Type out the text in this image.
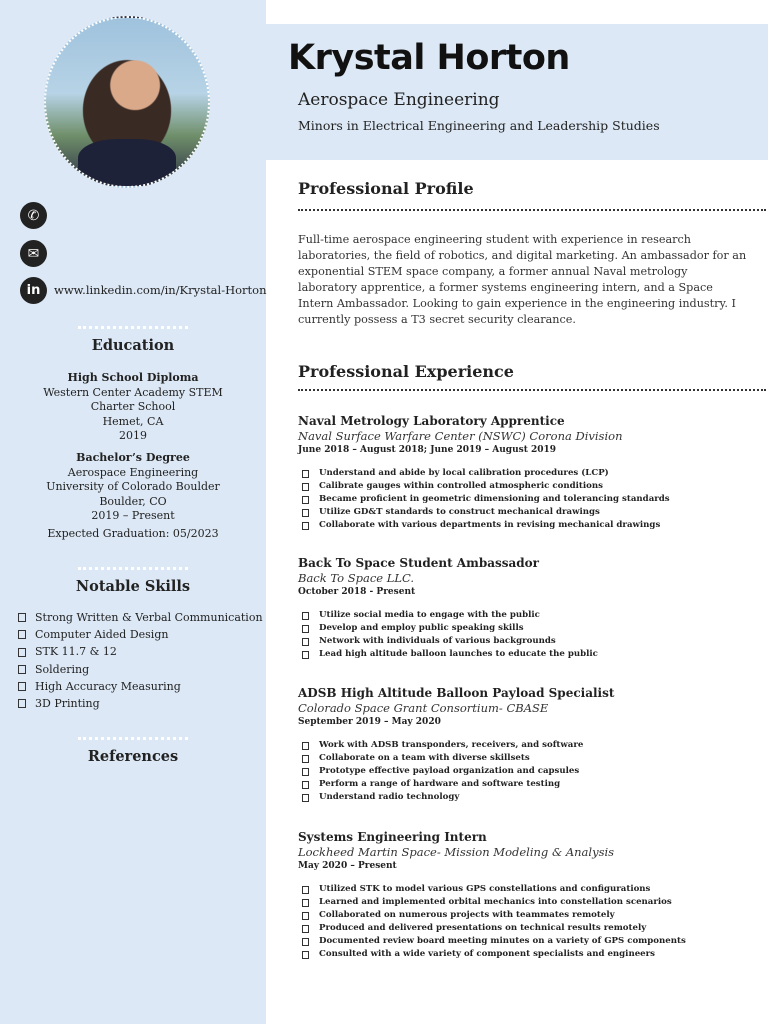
✆
✉
in	www.linkedin.com/in/Krystal-Horton
Education
High School Diploma
Western Center Academy STEM
Charter School
Hemet, CA
2019
Bachelor’s Degree
Aerospace Engineering
University of Colorado Boulder
Boulder, CO
2019 – Present
Expected Graduation: 05/2023
Notable Skills
Strong Written & Verbal Communication
Computer Aided Design
STK 11.7 & 12
Soldering
High Accuracy Measuring
3D Printing
References
Krystal Horton
Aerospace Engineering
Minors in Electrical Engineering and Leadership Studies
Professional Profile
Full-time aerospace engineering student with experience in research laboratories, the field of robotics, and digital marketing. An ambassador for an exponential STEM space company, a former annual Naval metrology laboratory apprentice, a former systems engineering intern, and a Space Intern Ambassador. Looking to gain experience in the engineering industry. I currently possess a T3 secret security clearance.
Professional Experience
Naval Metrology Laboratory Apprentice
Naval Surface Warfare Center (NSWC) Corona Division
June 2018 – August 2018; June 2019 – August 2019
Understand and abide by local calibration procedures (LCP)
Calibrate gauges within controlled atmospheric conditions
Became proficient in geometric dimensioning and tolerancing standards
Utilize GD&T standards to construct mechanical drawings
Collaborate with various departments in revising mechanical drawings
Back To Space Student Ambassador
Back To Space LLC.
October 2018 - Present
Utilize social media to engage with the public
Develop and employ public speaking skills
Network with individuals of various backgrounds
Lead high altitude balloon launches to educate the public
ADSB High Altitude Balloon Payload Specialist
Colorado Space Grant Consortium- CBASE
September 2019 – May 2020
Work with ADSB transponders, receivers, and software
Collaborate on a team with diverse skillsets
Prototype effective payload organization and capsules
Perform a range of hardware and software testing
Understand radio technology
Systems Engineering Intern
Lockheed Martin Space- Mission Modeling & Analysis
May 2020 – Present
Utilized STK to model various GPS constellations and configurations
Learned and implemented orbital mechanics into constellation scenarios
Collaborated on numerous projects with teammates remotely
Produced and delivered presentations on technical results remotely
Documented review board meeting minutes on a variety of GPS components
Consulted with a wide variety of component specialists and engineers
